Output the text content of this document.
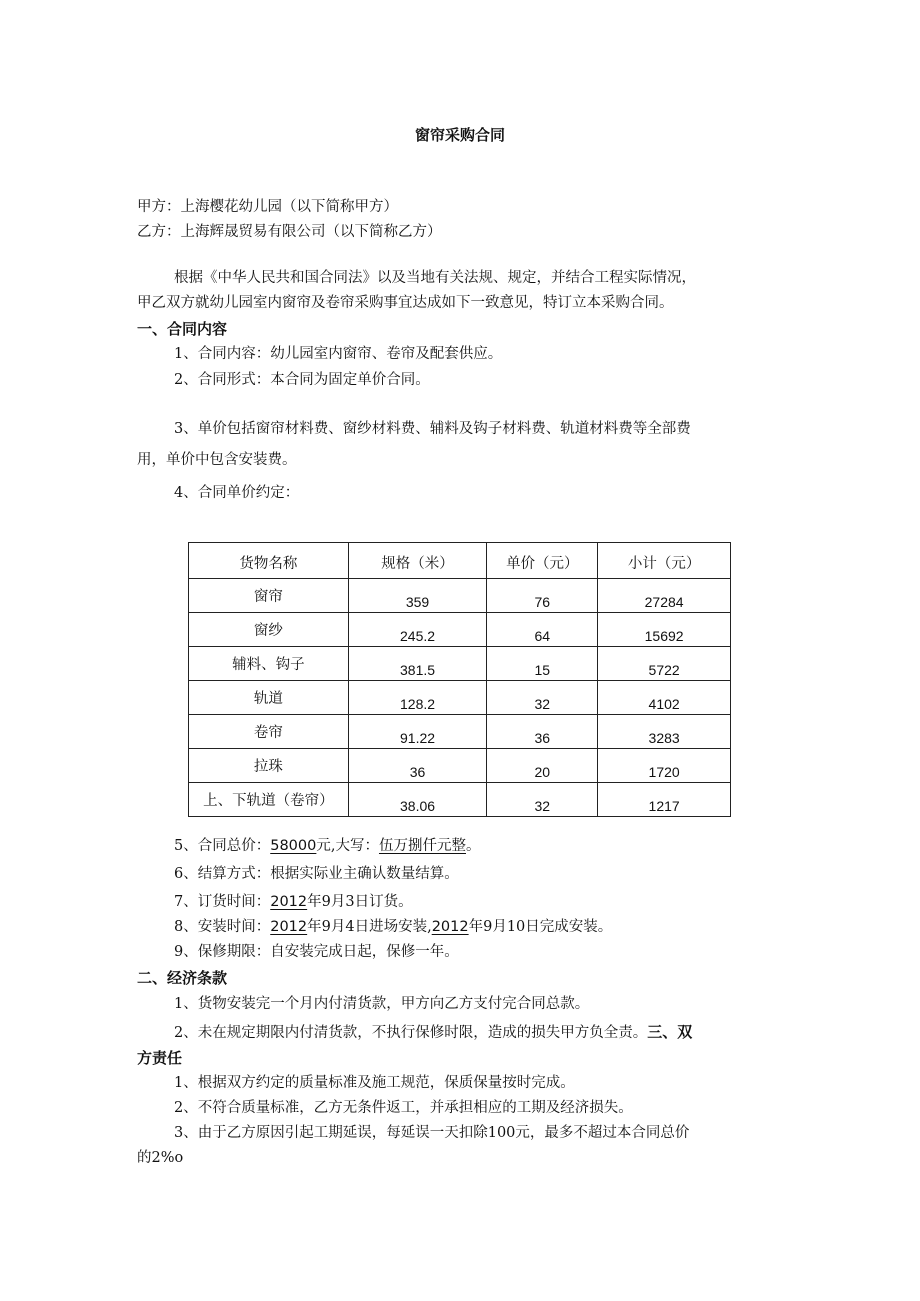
窗帘采购合同
甲方：上海樱花幼儿园（以下简称甲方）
乙方：上海辉晟贸易有限公司（以下简称乙方）
根据《中华人民共和国合同法》以及当地有关法规、规定，并结合工程实际情况，
甲乙双方就幼儿园室内窗帘及卷帘采购事宜达成如下一致意见，特订立本采购合同。
一、合同内容
1、合同内容：幼儿园室内窗帘、卷帘及配套供应。
2、合同形式：本合同为固定单价合同。
3、单价包括窗帘材料费、窗纱材料费、辅料及钩子材料费、轨道材料费等全部费
用，单价中包含安装费。
4、合同单价约定：
货物名称	规格（米）	单价（元）	小计（元）
窗帘	359	76	27284
窗纱	245.2	64	15692
辅料、钩子	381.5	15	5722
轨道	128.2	32	4102
卷帘	91.22	36	3283
拉珠	36	20	1720
上、下轨道（卷帘）	38.06	32	1217
5、合同总价：58000元,大写：伍万捌仟元整。
6、结算方式：根据实际业主确认数量结算。
7、订货时间：2012年9月3日订货。
8、安装时间：2012年9月4日进场安装,2012年9月10日完成安装。
9、保修期限：自安装完成日起，保修一年。
二、经济条款
1、货物安装完一个月内付清货款，甲方向乙方支付完合同总款。
2、未在规定期限内付清货款，不执行保修时限，造成的损失甲方负全责。三、双
方责任
1、根据双方约定的质量标准及施工规范，保质保量按时完成。
2、不符合质量标准，乙方无条件返工，并承担相应的工期及经济损失。
3、由于乙方原因引起工期延误，每延误一天扣除100元，最多不超过本合同总价
的2%o
